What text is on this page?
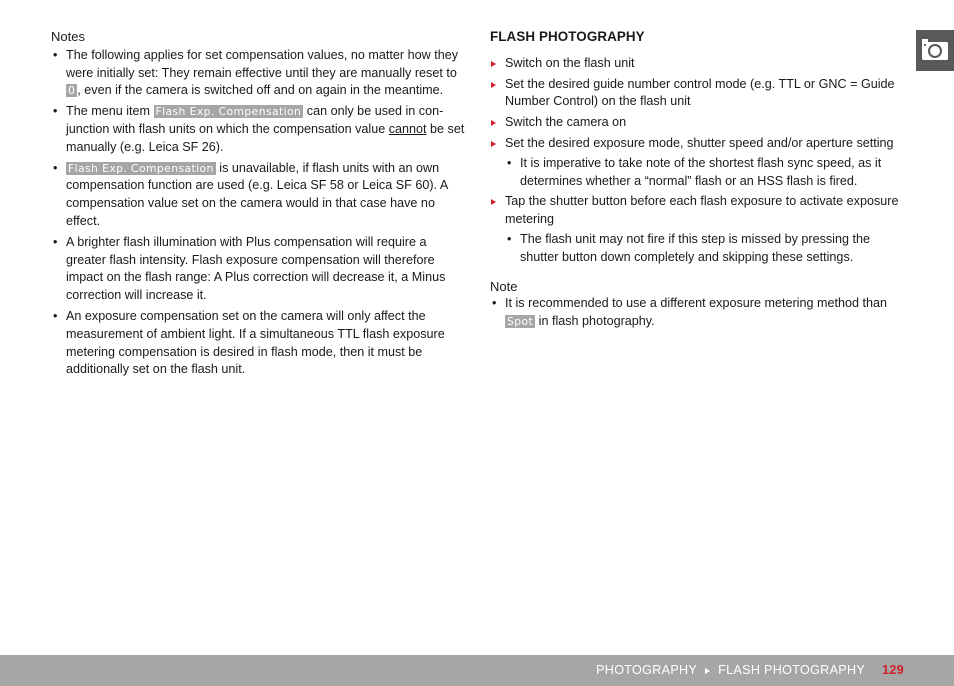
Notes
• The following applies for set compensation values, no matter how they were initially set: They remain effective until they are manually reset to 0 , even if the camera is switched off and on again in the meantime.
• The menu item Flash Exp. Compensation can only be used in conjunction with flash units on which the compensation value cannot be set manually (e.g. Leica SF 26).
• Flash Exp. Compensation is unavailable, if flash units with an own compensation function are used (e.g. Leica SF 58 or Leica SF 60). A compensation value set on the camera would in that case have no effect.
• A brighter flash illumination with Plus compensation will require a greater flash intensity. Flash exposure compensation will therefore impact on the flash range: A Plus correction will decrease it, a Minus correction will increase it.
• An exposure compensation set on the camera will only affect the measurement of ambient light. If a simultaneous TTL flash exposure metering compensation is desired in flash mode, then it must be additionally set on the flash unit.
FLASH PHOTOGRAPHY
Switch on the flash unit
Set the desired guide number control mode (e.g. TTL or GNC = Guide Number Control) on the flash unit
Switch the camera on
Set the desired exposure mode, shutter speed and/or aperture setting
• It is imperative to take note of the shortest flash sync speed, as it determines whether a “normal” flash or an HSS flash is fired.
Tap the shutter button before each flash exposure to activate exposure metering
• The flash unit may not fire if this step is missed by pressing the shutter button down completely and skipping these settings.
Note
• It is recommended to use a different exposure metering method than Spot in flash photography.
PHOTOGRAPHY FLASH PHOTOGRAPHY 129
